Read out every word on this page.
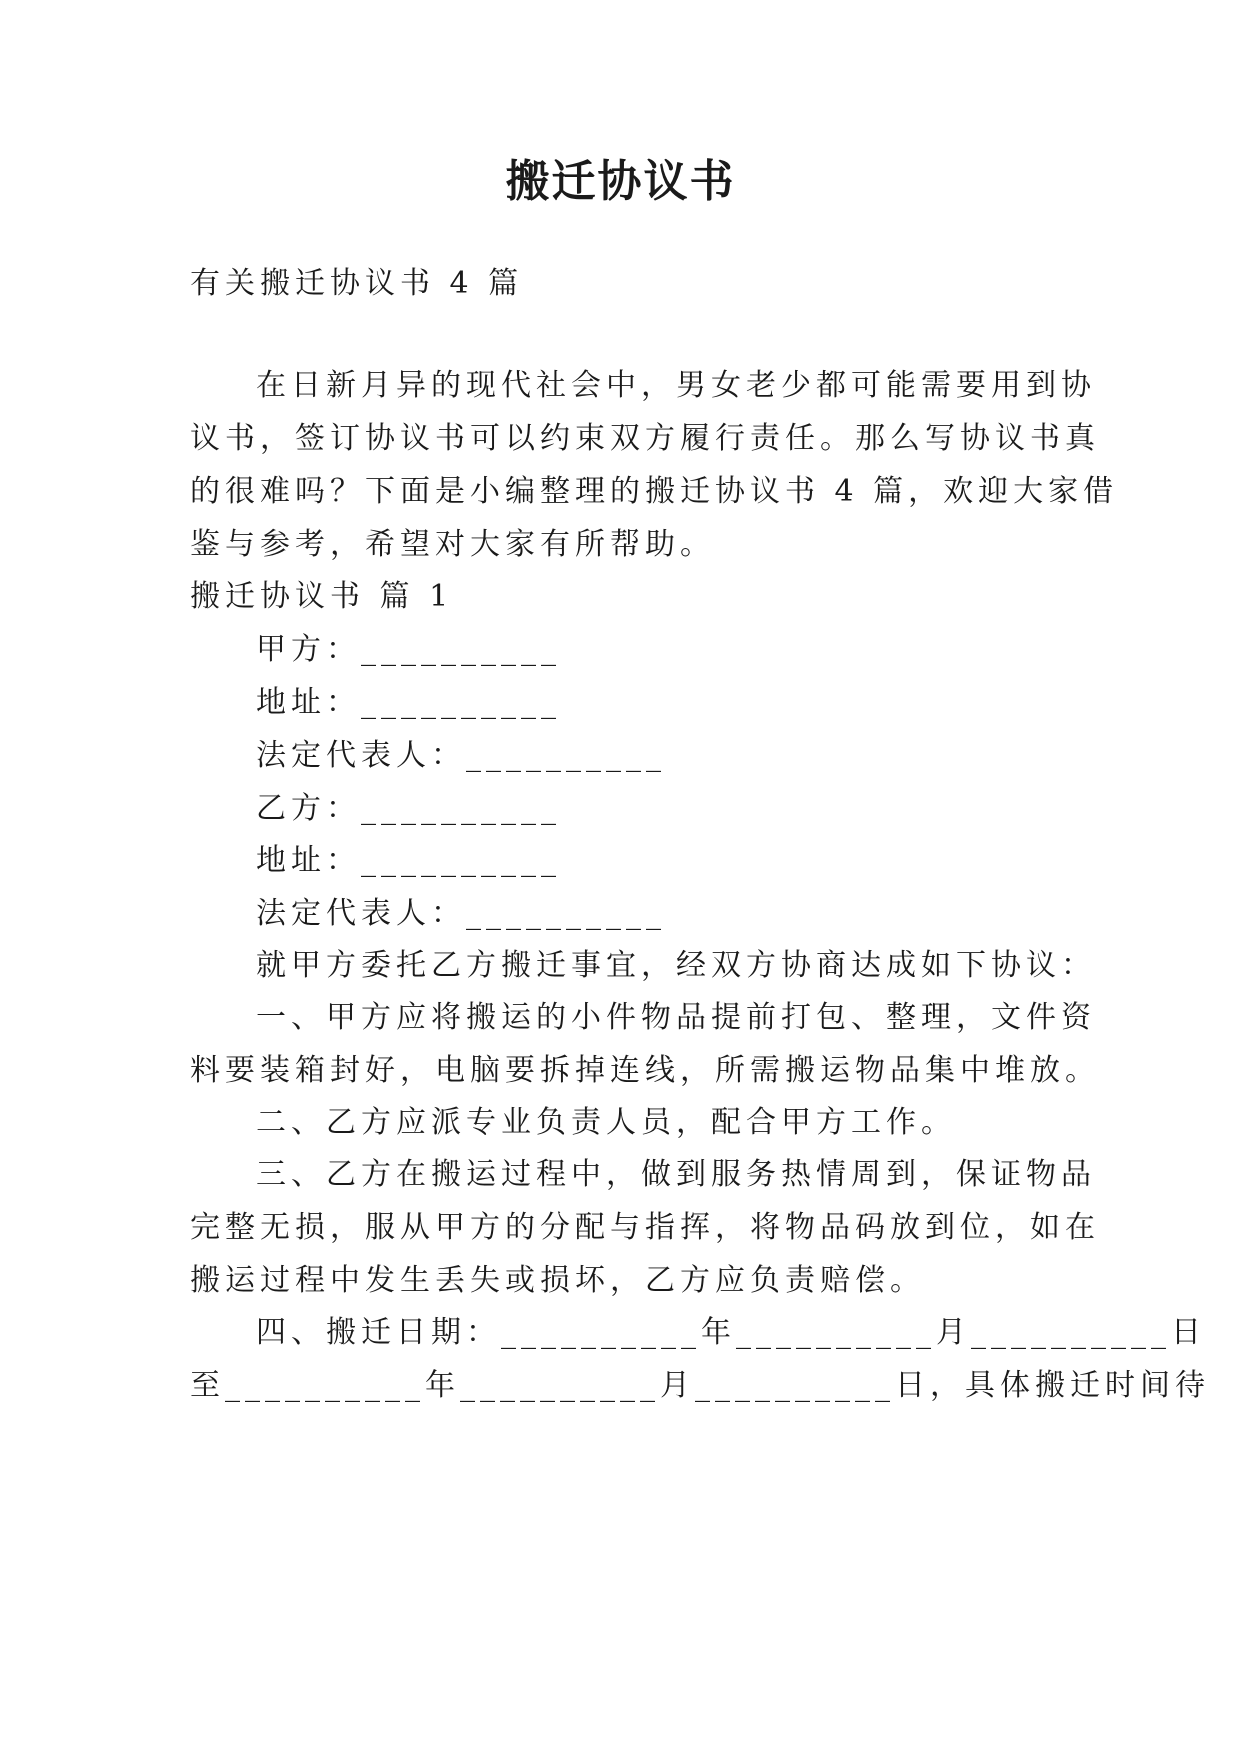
搬迁协议书
有关搬迁协议书 4 篇
在日新月异的现代社会中，男女老少都可能需要用到协
议书，签订协议书可以约束双方履行责任。那么写协议书真
的很难吗？下面是小编整理的搬迁协议书 4 篇，欢迎大家借
鉴与参考，希望对大家有所帮助。
搬迁协议书 篇 1
甲方：__________
地址：__________
法定代表人：__________
乙方：__________
地址：__________
法定代表人：__________
就甲方委托乙方搬迁事宜，经双方协商达成如下协议：
一、甲方应将搬运的小件物品提前打包、整理，文件资
料要装箱封好，电脑要拆掉连线，所需搬运物品集中堆放。
二、乙方应派专业负责人员，配合甲方工作。
三、乙方在搬运过程中，做到服务热情周到，保证物品
完整无损，服从甲方的分配与指挥，将物品码放到位，如在
搬运过程中发生丢失或损坏，乙方应负责赔偿。
四、搬迁日期：__________年__________月__________日
至__________年__________月__________日，具体搬迁时间待
